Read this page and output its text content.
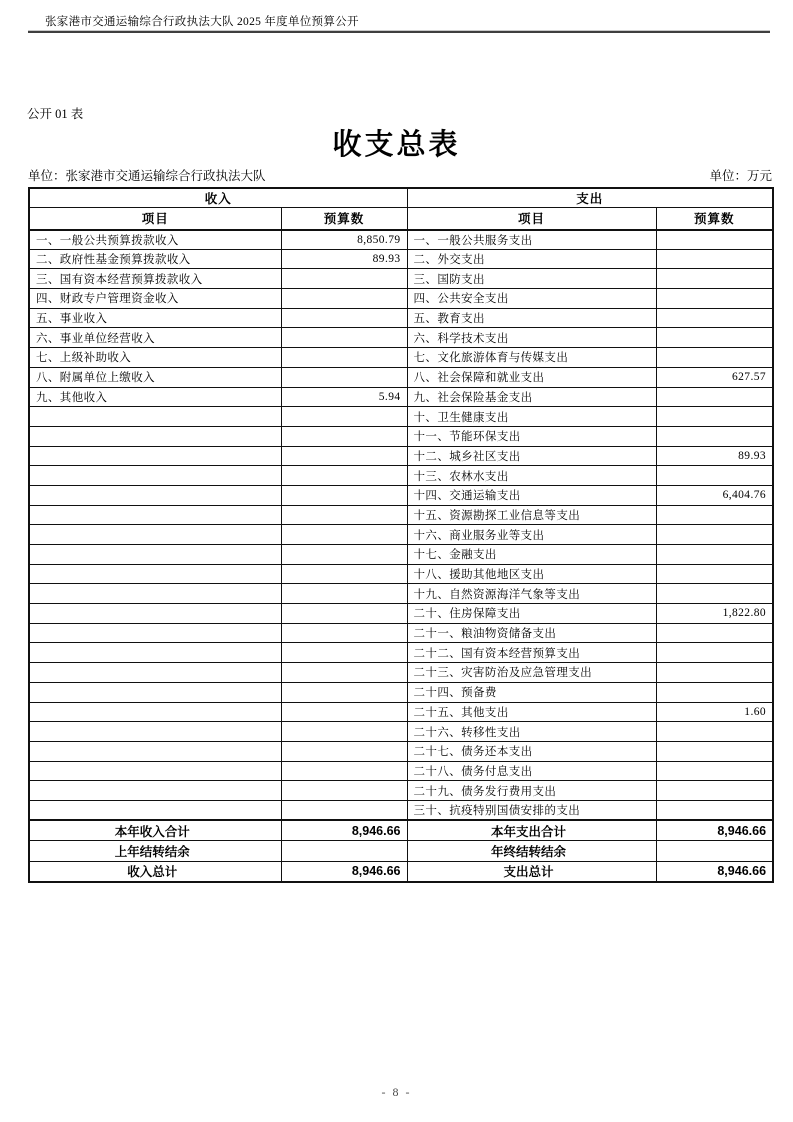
张家港市交通运输综合行政执法大队 2025 年度单位预算公开
公开 01 表
收支总表
单位：张家港市交通运输综合行政执法大队	单位：万元
收入		支出	
项目	预算数	项目	预算数
一、一般公共预算拨款收入	8,850.79	一、一般公共服务支出	
二、政府性基金预算拨款收入	89.93	二、外交支出	
三、国有资本经营预算拨款收入		三、国防支出	
四、财政专户管理资金收入		四、公共安全支出	
五、事业收入		五、教育支出	
六、事业单位经营收入		六、科学技术支出	
七、上级补助收入		七、文化旅游体育与传媒支出	
八、附属单位上缴收入		八、社会保障和就业支出	627.57
九、其他收入	5.94	九、社会保险基金支出	
		十、卫生健康支出	
		十一、节能环保支出	
		十二、城乡社区支出	89.93
		十三、农林水支出	
		十四、交通运输支出	6,404.76
		十五、资源勘探工业信息等支出	
		十六、商业服务业等支出	
		十七、金融支出	
		十八、援助其他地区支出	
		十九、自然资源海洋气象等支出	
		二十、住房保障支出	1,822.80
		二十一、粮油物资储备支出	
		二十二、国有资本经营预算支出	
		二十三、灾害防治及应急管理支出	
		二十四、预备费	
		二十五、其他支出	1.60
		二十六、转移性支出	
		二十七、债务还本支出	
		二十八、债务付息支出	
		二十九、债务发行费用支出	
		三十、抗疫特别国债安排的支出	
本年收入合计	8,946.66	本年支出合计	8,946.66
上年结转结余		年终结转结余	
收入总计	8,946.66	支出总计	8,946.66
- 8 -
